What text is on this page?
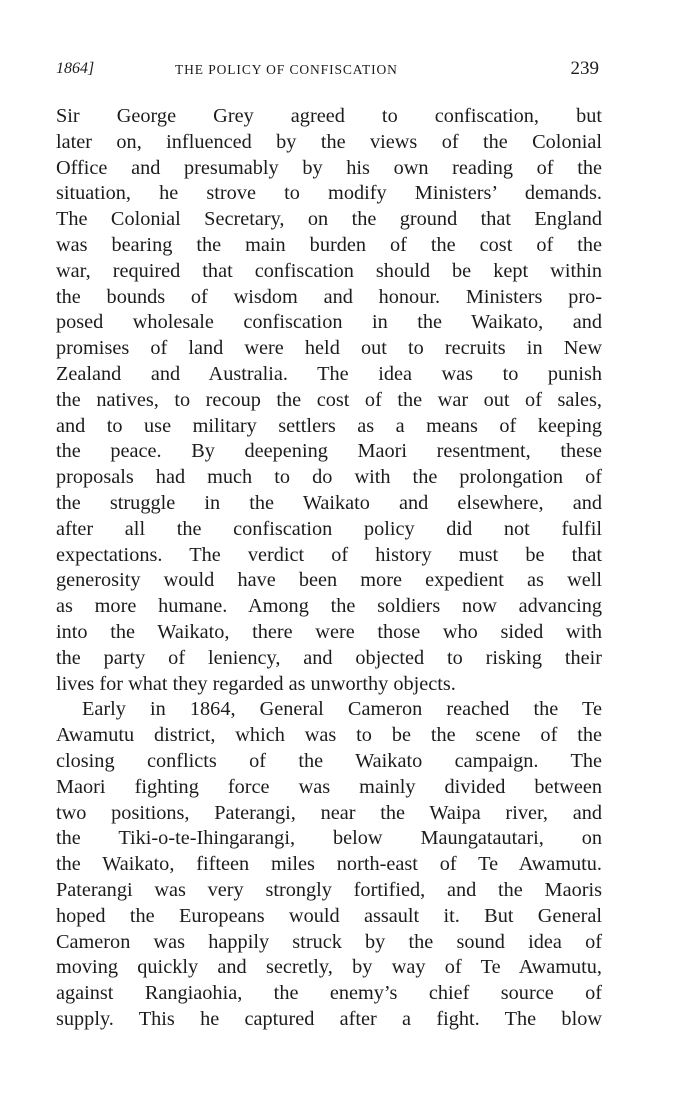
1864]	THE POLICY OF CONFISCATION	239

Sir George Grey agreed to confiscation, but
later on, influenced by the views of the Colonial
Office and presumably by his own reading of the
situation, he strove to modify Ministers’ demands.
The Colonial Secretary, on the ground that England
was bearing the main burden of the cost of the
war, required that confiscation should be kept within
the bounds of wisdom and honour. Ministers pro-
posed wholesale confiscation in the Waikato, and
promises of land were held out to recruits in New
Zealand and Australia. The idea was to punish
the natives, to recoup the cost of the war out of sales,
and to use military settlers as a means of keeping
the peace. By deepening Maori resentment, these
proposals had much to do with the prolongation of
the struggle in the Waikato and elsewhere, and
after all the confiscation policy did not fulfil
expectations. The verdict of history must be that
generosity would have been more expedient as well
as more humane. Among the soldiers now advancing
into the Waikato, there were those who sided with
the party of leniency, and objected to risking their
lives for what they regarded as unworthy objects.

Early in 1864, General Cameron reached the Te
Awamutu district, which was to be the scene of the
closing conflicts of the Waikato campaign. The
Maori fighting force was mainly divided between
two positions, Paterangi, near the Waipa river, and
the Tiki-o-te-Ihingarangi, below Maungatautari, on
the Waikato, fifteen miles north-east of Te Awamutu.
Paterangi was very strongly fortified, and the Maoris
hoped the Europeans would assault it. But General
Cameron was happily struck by the sound idea of
moving quickly and secretly, by way of Te Awamutu,
against Rangiaohia, the enemy’s chief source of
supply. This he captured after a fight. The blow
